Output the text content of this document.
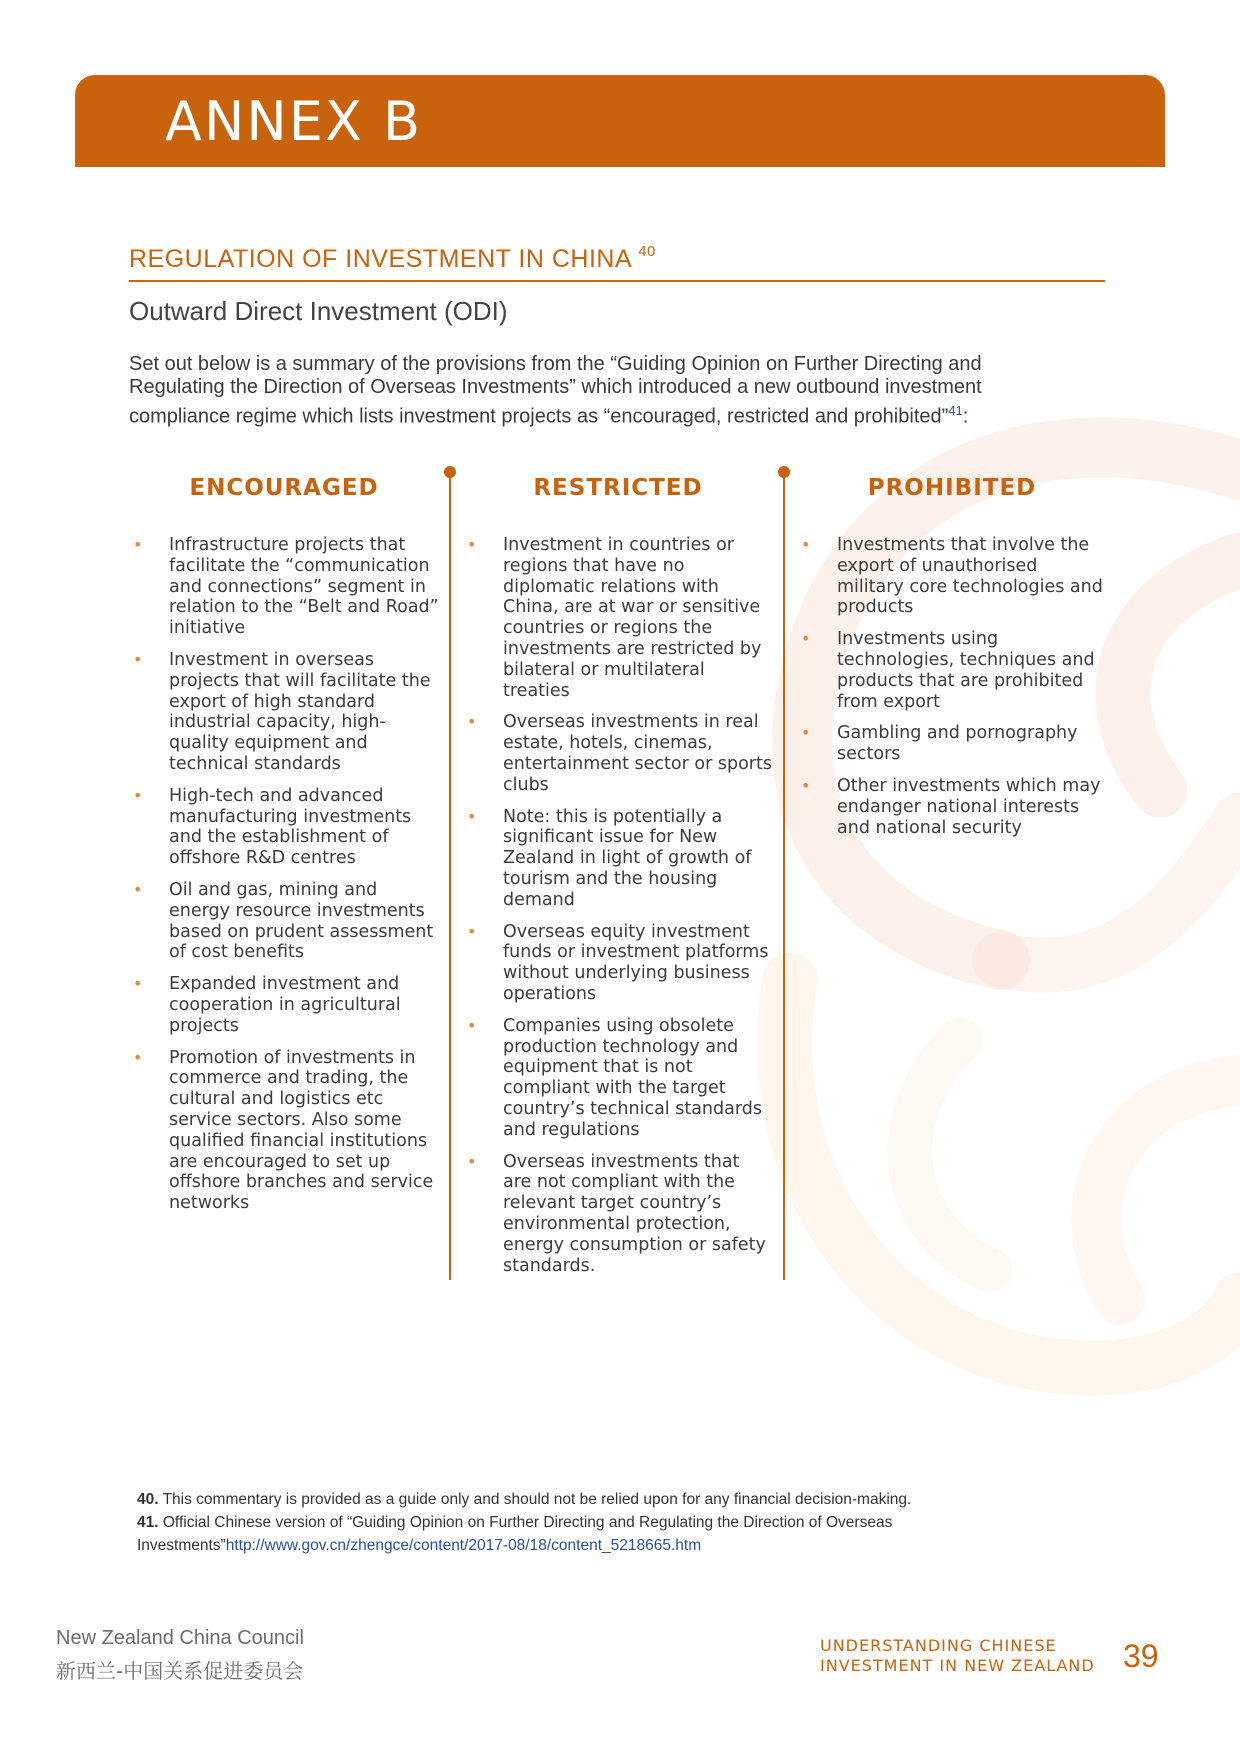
ANNEX B
REGULATION OF INVESTMENT IN CHINA $^{40}$
Outward Direct Investment (ODI)

Set out below is a summary of the provisions from the “Guiding Opinion on Further Directing and Regulating the Direction of Overseas Investments” which introduced a new outbound investment compliance regime which lists investment projects as “encouraged, restricted and prohibited”$^{41}$:

ENCOURAGED
• Infrastructure projects that facilitate the “communication and connections” segment in relation to the “Belt and Road” initiative
• Investment in overseas projects that will facilitate the export of high standard industrial capacity, high-quality equipment and technical standards
• High-tech and advanced manufacturing investments and the establishment of offshore R&D centres
• Oil and gas, mining and energy resource investments based on prudent assessment of cost benefits
• Expanded investment and cooperation in agricultural projects
• Promotion of investments in commerce and trading, the cultural and logistics etc service sectors. Also some qualified financial institutions are encouraged to set up offshore branches and service networks
RESTRICTED
• Investment in countries or regions that have no diplomatic relations with China, are at war or sensitive countries or regions the investments are restricted by bilateral or multilateral treaties
• Overseas investments in real estate, hotels, cinemas, entertainment sector or sports clubs
• Note: this is potentially a significant issue for New Zealand in light of growth of tourism and the housing demand
• Overseas equity investment funds or investment platforms without underlying business operations
• Companies using obsolete production technology and equipment that is not compliant with the target country’s technical standards and regulations
• Overseas investments that are not compliant with the relevant target country’s environmental protection, energy consumption or safety standards.
PROHIBITED
• Investments that involve the export of unauthorised military core technologies and products
• Investments using technologies, techniques and products that are prohibited from export
• Gambling and pornography sectors
• Other investments which may endanger national interests and national security

40. This commentary is provided as a guide only and should not be relied upon for any financial decision-making.

41. Official Chinese version of “Guiding Opinion on Further Directing and Regulating the Direction of Overseas Investments”http://www.gov.cn/zhengce/content/2017-08/18/content_5218665.htm

New Zealand China Council
新西兰-中国关系促进委员会
UNDERSTANDING CHINESE
INVESTMENT IN NEW ZEALAND 39
